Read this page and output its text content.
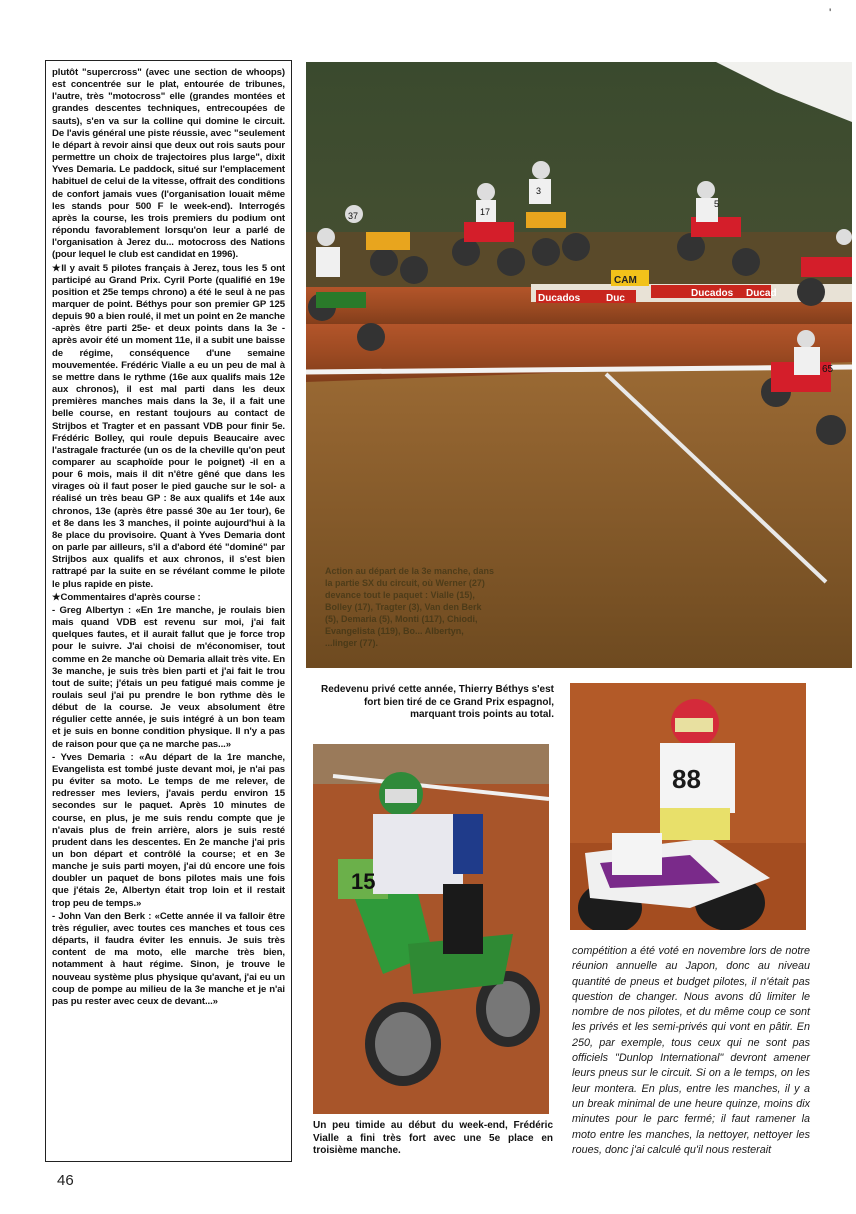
plutôt "supercross" (avec une section de whoops) est concentrée sur le plat, entourée de tribunes, l'autre, très "motocross" elle (grandes montées et grandes descentes techniques, entrecoupées de sauts), s'en va sur la colline qui domine le circuit. De l'avis général une piste réussie, avec "seulement le départ à revoir ainsi que deux out rois sauts pour permettre un choix de trajectoires plus large", dixit Yves Demaria. Le paddock, situé sur l'emplacement habituel de celui de la vitesse, offrait des conditions de confort jamais vues (l'organisation louait même les stands pour 500 F le week-end). Interrogés après la course, les trois premiers du podium ont répondu favorablement lorsqu'on leur a parlé de l'organisation à Jerez du... motocross des Nations (pour lequel le club est candidat en 1996).

★Il y avait 5 pilotes français à Jerez, tous les 5 ont participé au Grand Prix. Cyril Porte (qualifié en 19e position et 25e temps chrono) a été le seul à ne pas marquer de point. Béthys pour son premier GP 125 depuis 90 a bien roulé, il met un point en 2e manche -après être parti 25e- et deux points dans la 3e -après avoir été un moment 11e, il a subit une baisse de régime, conséquence d'une semaine mouvementée. Frédéric Vialle a eu un peu de mal à se mettre dans le rythme (16e aux qualifs mais 12e aux chronos), il est mal parti dans les deux premières manches mais dans la 3e, il a fait une belle course, en restant toujours au contact de Strijbos et Tragter et en passant VDB pour finir 5e. Frédéric Bolley, qui roule depuis Beaucaire avec l'astragale fracturée (un os de la cheville qu'on peut comparer au scaphoïde pour le poignet) -il en a pour 6 mois, mais il dit n'être gêné que dans les virages où il faut poser le pied gauche sur le sol- a réalisé un très beau GP : 8e aux qualifs et 14e aux chronos, 13e (après être passé 30e au 1er tour), 6e et 8e dans les 3 manches, il pointe aujourd'hui à la 8e place du provisoire. Quant à Yves Demaria dont on parle par ailleurs, s'il a d'abord été "dominé" par Strijbos aux qualifs et aux chronos, il s'est bien rattrapé par la suite en se révélant comme le pilote le plus rapide en piste.

★Commentaires d'après course :

- Greg Albertyn : «En 1re manche, je roulais bien mais quand VDB est revenu sur moi, j'ai fait quelques fautes, et il aurait fallut que je force trop pour le suivre. J'ai choisi de m'économiser, tout comme en 2e manche où Demaria allait très vite. En 3e manche, je suis très bien parti et j'ai fait le trou tout de suite; j'étais un peu fatigué mais comme je roulais seul j'ai pu prendre le bon rythme dès le début de la course. Je veux absolument être régulier cette année, je suis intégré à un bon team et je suis en bonne condition physique. Il n'y a pas de raison pour que ça ne marche pas...»

- Yves Demaria : «Au départ de la 1re manche, Evangelista est tombé juste devant moi, je n'ai pas pu éviter sa moto. Le temps de me relever, de redresser mes leviers, j'avais perdu environ 15 secondes sur le paquet. Après 10 minutes de course, en plus, je me suis rendu compte que je n'avais plus de frein arrière, alors je suis resté prudent dans les descentes. En 2e manche j'ai pris un bon départ et contrôlé la course; et en 3e manche je suis parti moyen, j'ai dû encore une fois doubler un paquet de bons pilotes mais une fois que j'étais 2e, Albertyn était trop loin et il restait trop peu de temps.»

- John Van den Berk : «Cette année il va falloir être très régulier, avec toutes ces manches et tous ces départs, il faudra éviter les ennuis. Je suis très content de ma moto, elle marche très bien, notamment à haut régime. Sinon, je trouve le nouveau système plus physique qu'avant, j'ai eu un coup de pompe au milieu de la 3e manche et je n'ai pas pu rester avec ceux de devant...»

CAM
Ducados	Duc	Ducados Ducad
17
3
37
5
65
Action au départ de la 3e manche, dans la partie SX du circuit, où Werner (27) devance tout le paquet : Vialle (15), Bolley (17), Tragter (3), Van den Berk (5), Demaria (5), Monti (117), Chiodi, Evangelista (119), Bo... Albertyn, ...linger (77).
Redevenu privé cette année, Thierry Béthys s'est fort bien tiré de ce Grand Prix espagnol, marquant trois points au total.
15
Un peu timide au début du week-end, Frédéric Vialle a fini très fort avec une 5e place en troisième manche.
88
compétition a été voté en novembre lors de notre réunion annuelle au Japon, donc au niveau quantité de pneus et budget pilotes, il n'était pas question de changer. Nous avons dû limiter le nombre de nos pilotes, et du même coup ce sont les privés et les semi-privés qui vont en pâtir. En 250, par exemple, tous ceux qui ne sont pas officiels "Dunlop International" devront amener leurs pneus sur le circuit. Si on a le temps, on les leur montera. En plus, entre les manches, il y a un break minimal de une heure quinze, moins dix minutes pour le parc fermé; il faut ramener la moto entre les manches, la nettoyer, nettoyer les roues, donc j'ai calculé qu'il nous resterait
46
'
